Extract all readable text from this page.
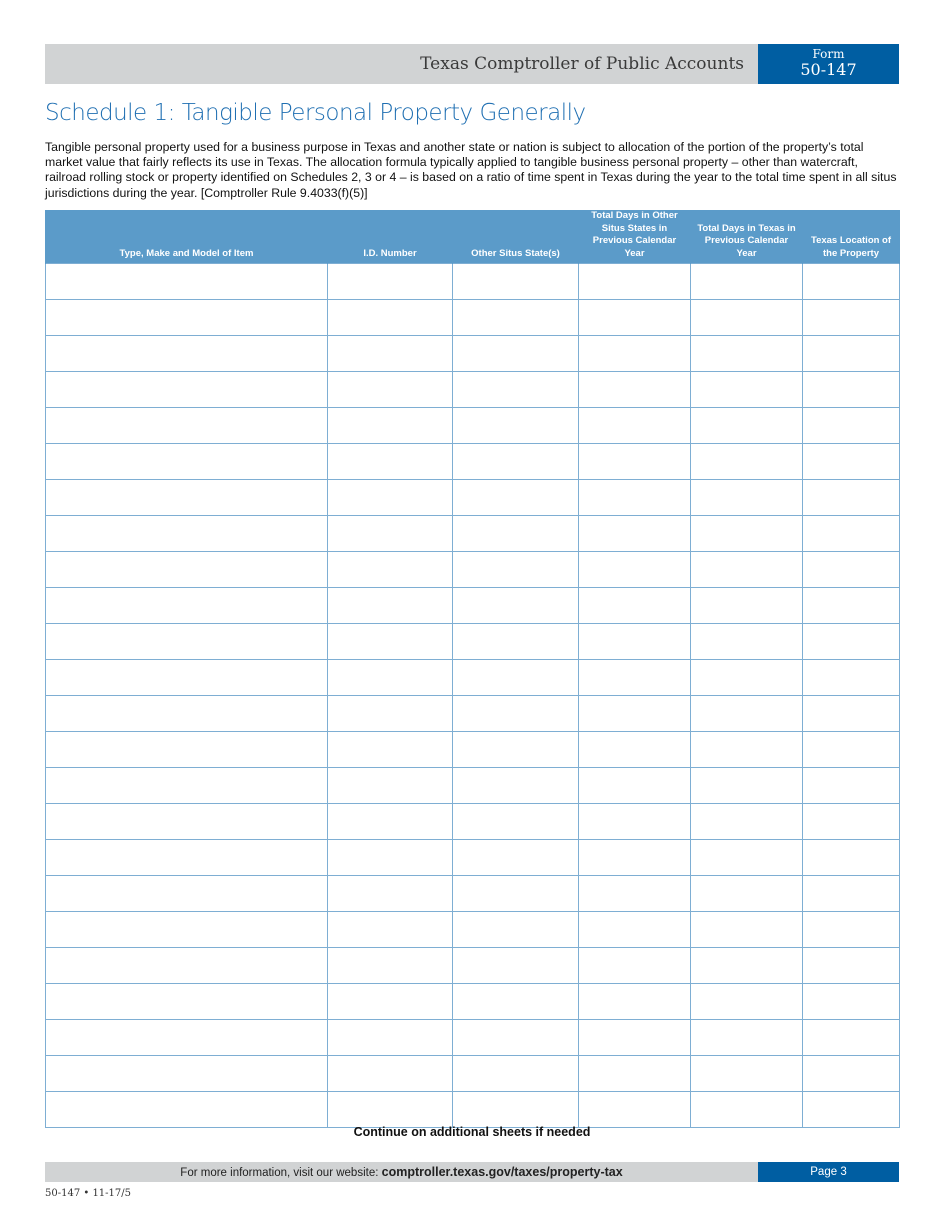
Texas Comptroller of Public Accounts	Form
50-147
Schedule 1: Tangible Personal Property Generally
Tangible personal property used for a business purpose in Texas and another state or nation is subject to allocation of the portion of the property’s total market value that fairly reflects its use in Texas. The allocation formula typically applied to tangible business personal property – other than watercraft, railroad rolling stock or property identified on Schedules 2, 3 or 4 – is based on a ratio of time spent in Texas during the year to the total time spent in all situs jurisdictions during the year. [Comptroller Rule 9.4033(f)(5)]
Type, Make and Model of Item	I.D. Number	Other Situs State(s)	Total Days in Other Situs States in Previous Calendar Year	Total Days in Texas in Previous Calendar Year	Texas Location of the Property

Continue on additional sheets if needed
For more information, visit our website: comptroller.texas.gov/taxes/property-tax	Page 3
50-147 • 11-17/5
